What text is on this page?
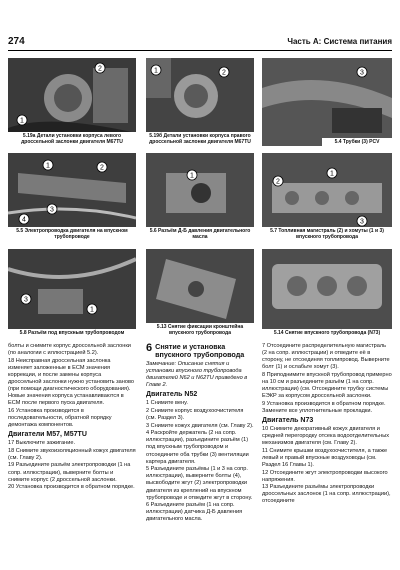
274	Часть А: Система питания
2
1
5.19а Детали установки корпуса левого дроссельной заслонки двигателя M67TU
1	2
5.19б Детали установки корпуса правого дроссельной заслонки двигателя M67TU
3
5.4 Трубки (3) PCV
1	2
3
4
5.5 Электропроводка двигателя на впускном трубопроводе
1
5.6 Разъём Д-Б давления двигательного масла
2
1
3
5.7 Топливная магистраль (2) и хомуты (1 и 3) впускного трубопровода
3
1
5.8 Разъём под впускным трубопроводом
5.13 Снятие фиксации кронштейна впускного трубопровода	5.14 Снятие впускного трубопровода (N73)

болты и снимите корпус дроссельной заслонки (по аналогии с иллюстрацией 5.2).

18 Неисправная дроссельная заслонка изменяет заложенные в ECM значения коррекции, и после замены корпуса дроссельной заслонки нужно установить заново (при помощи диагностического оборудования). Новые значения корпуса устанавливаются в ECM после первого пуска двигателя.

16 Установка производится в последовательности, обратной порядку демонтажа компонентов.

Двигатели M57, M57TU

17 Выключите зажигание.

18 Снимите звукоизоляционный кожух двигателя (см. Главу 2).

19 Разъедините разъём электропроводки (1 на сопр. иллюстрации), выверните болты и снимите корпус (2 дроссельной заслонки.

20 Установка производится в обратном порядке.

6 Снятие и установка впускного трубопровода

Замечание: Описание снятия и установки впускного трубопровода двигателей N62 и N62TU приведено в Главе 2.

Двигатель N52

1 Снимите вену.

2 Снимите корпус воздухоочистителя (см. Раздел 3).

3 Снимите кожух двигателя (см. Главу 2).

4 Раскройте держатель (2 на сопр. иллюстрации), разъедините разъём (1) под впускным трубопроводом и отсоедините оба трубки (3) вентиляции картера двигателя.

5 Разъедините разъёмы (1 и 3 на сопр. иллюстрации), выверните болты (4), высвободите жгут (2) электропроводки двигателя из креплений на впускном трубопроводе и отведите жгут в сторону.

6 Разъедините разъём (1 на сопр. иллюстрации) датчика Д-Б давления двигательного масла.

7 Отсоедините распределительную магистраль (2 на сопр. иллюстрации) и отведите её в сторону, не отсоединяя топлипровод. Выверните болт (1) и ослабьте хомут (3).

8 Приподнимите впускной трубопровод примерно на 10 см и разъедините разъём (1 на сопр. иллюстрации) (см. Отсоедините трубку системы ЕЭКР за корпусом дроссельной заслонки.

9 Установка производится в обратном порядке. Замените все уплотнительные прокладки.

Двигатель N73

10 Снимите декоративный кожух двигателя и средней перегородку отсека водоотделительных механизмов двигателя (см. Главу 2).

11 Снимите крышки воздухоочистителя, а также левый и правый впускные воздуховоды (см. Раздел 16 Главы 1).

12 Отсоедините жгут электропроводки высокого напряжения.

13 Разъедините разъёмы электропроводки дроссельных заслонок (1 на сопр. иллюстрации), отсоедините
